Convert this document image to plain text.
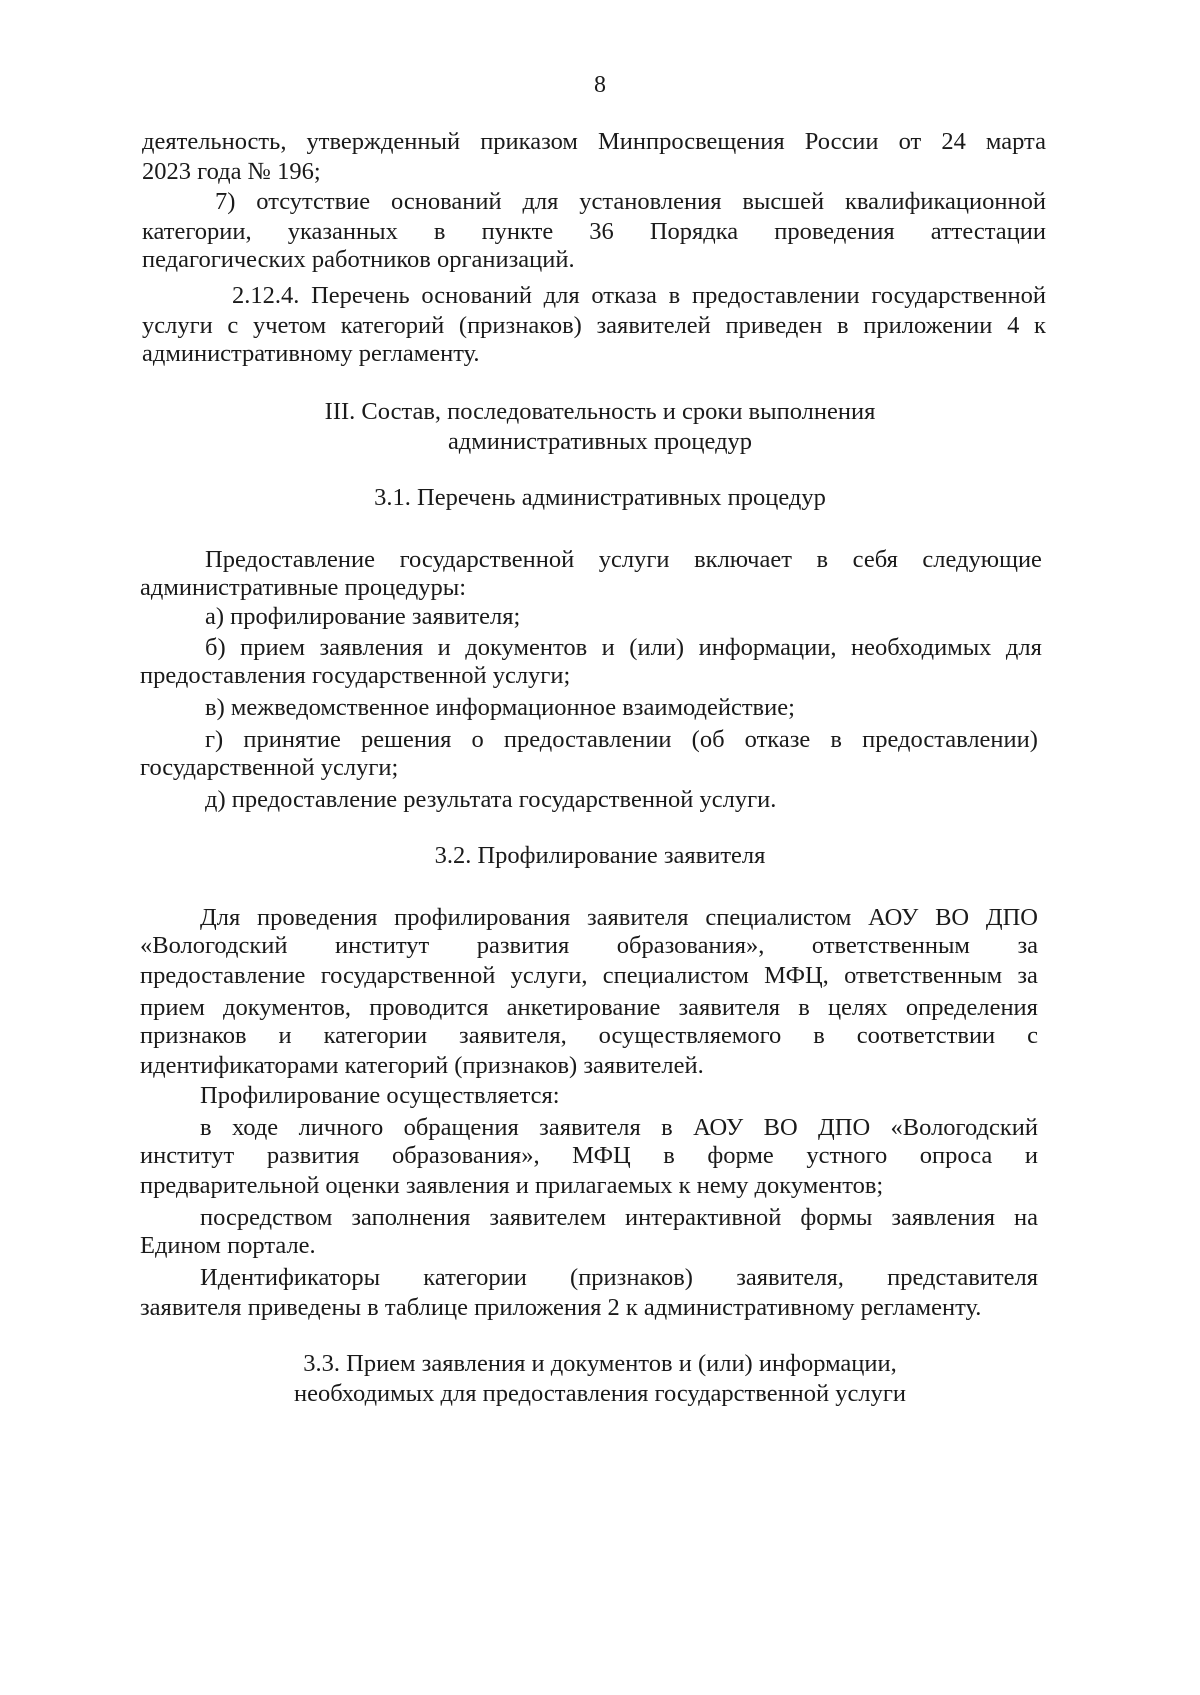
8
деятельность, утвержденный приказом Минпросвещения России от 24 марта
2023 года № 196;
7) отсутствие оснований для установления высшей квалификационной
категории, указанных в пункте 36 Порядка проведения аттестации
педагогических работников организаций.
2.12.4. Перечень оснований для отказа в предоставлении государственной
услуги с учетом категорий (признаков) заявителей приведен в приложении 4 к
административному регламенту.
III. Состав, последовательность и сроки выполнения
административных процедур
3.1. Перечень административных процедур
Предоставление государственной услуги включает в себя следующие
административные процедуры:
а) профилирование заявителя;
б) прием заявления и документов и (или) информации, необходимых для
предоставления государственной услуги;
в) межведомственное информационное взаимодействие;
г) принятие решения о предоставлении (об отказе в предоставлении)
государственной услуги;
д) предоставление результата государственной услуги.
3.2. Профилирование заявителя
Для проведения профилирования заявителя специалистом АОУ ВО ДПО
«Вологодский институт развития образования», ответственным за
предоставление государственной услуги, специалистом МФЦ, ответственным за
прием документов, проводится анкетирование заявителя в целях определения
признаков и категории заявителя, осуществляемого в соответствии с
идентификаторами категорий (признаков) заявителей.
Профилирование осуществляется:
в ходе личного обращения заявителя в АОУ ВО ДПО «Вологодский
институт развития образования», МФЦ в форме устного опроса и
предварительной оценки заявления и прилагаемых к нему документов;
посредством заполнения заявителем интерактивной формы заявления на
Едином портале.
Идентификаторы категории (признаков) заявителя, представителя
заявителя приведены в таблице приложения 2 к административному регламенту.
3.3. Прием заявления и документов и (или) информации,
необходимых для предоставления государственной услуги
